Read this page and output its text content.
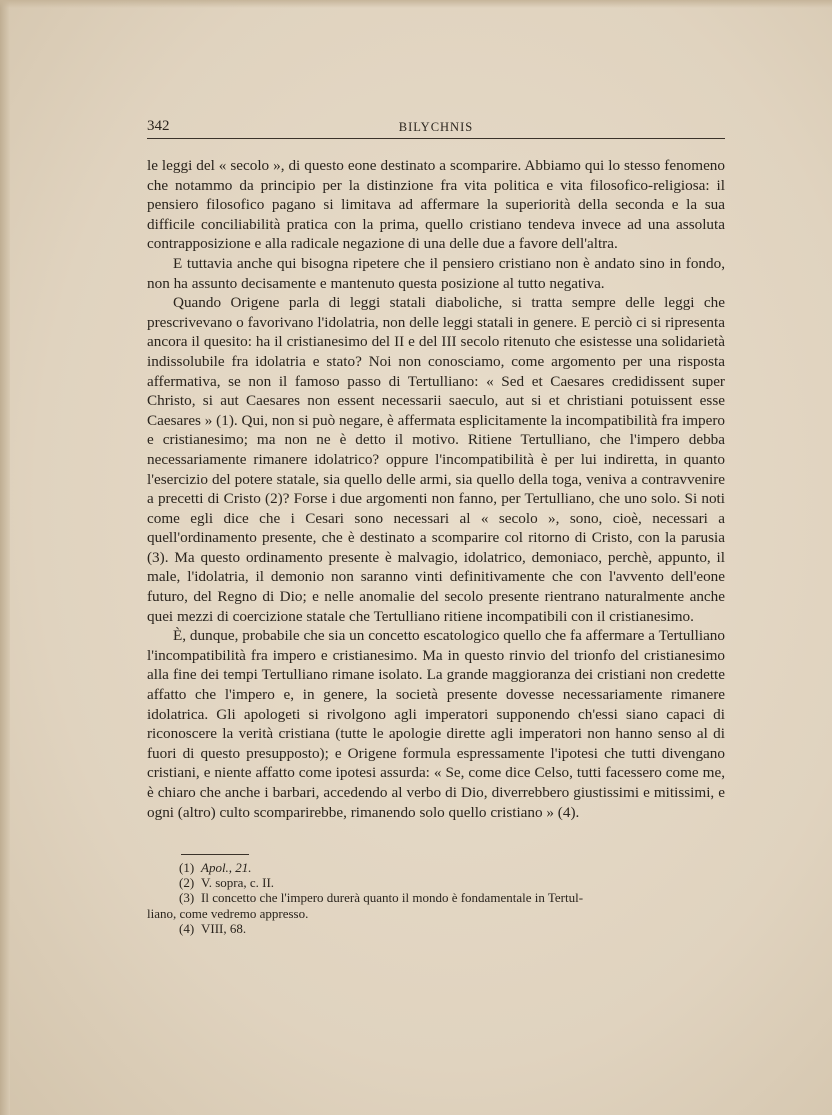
342	BILYCHNIS

le leggi del « secolo », di questo eone destinato a scomparire. Abbiamo qui lo stesso fenomeno che notammo da principio per la distinzione fra vita politica e vita filosofico-religiosa: il pensiero filosofico pagano si limitava ad affermare la superiorità della seconda e la sua difficile conciliabilità pratica con la prima, quello cristiano tendeva invece ad una assoluta contrapposizione e alla radicale negazione di una delle due a favore dell'altra.

E tuttavia anche qui bisogna ripetere che il pensiero cristiano non è andato sino in fondo, non ha assunto decisamente e mantenuto questa posizione al tutto negativa.

Quando Origene parla di leggi statali diaboliche, si tratta sempre delle leggi che prescrivevano o favorivano l'idolatria, non delle leggi statali in genere. E perciò ci si ripresenta ancora il quesito: ha il cristianesimo del II e del III secolo ritenuto che esistesse una solidarietà indissolubile fra idolatria e stato? Noi non conosciamo, come argomento per una risposta affermativa, se non il famoso passo di Tertulliano: « Sed et Caesares credidissent super Christo, si aut Caesares non essent necessarii saeculo, aut si et christiani potuissent esse Caesares » (1). Qui, non si può negare, è affermata esplicitamente la incompatibilità fra impero e cristianesimo; ma non ne è detto il motivo. Ritiene Tertulliano, che l'impero debba necessariamente rimanere idolatrico? oppure l'incompatibilità è per lui indiretta, in quanto l'esercizio del potere statale, sia quello delle armi, sia quello della toga, veniva a contravvenire a precetti di Cristo (2)? Forse i due argomenti non fanno, per Tertulliano, che uno solo. Si noti come egli dice che i Cesari sono necessari al « secolo », sono, cioè, necessari a quell'ordinamento presente, che è destinato a scomparire col ritorno di Cristo, con la parusia (3). Ma questo ordinamento presente è malvagio, idolatrico, demoniaco, perchè, appunto, il male, l'idolatria, il demonio non saranno vinti definitivamente che con l'avvento dell'eone futuro, del Regno di Dio; e nelle anomalie del secolo presente rientrano naturalmente anche quei mezzi di coercizione statale che Tertulliano ritiene incompatibili con il cristianesimo.

È, dunque, probabile che sia un concetto escatologico quello che fa affermare a Tertulliano l'incompatibilità fra impero e cristianesimo. Ma in questo rinvio del trionfo del cristianesimo alla fine dei tempi Tertulliano rimane isolato. La grande maggioranza dei cristiani non credette affatto che l'impero e, in genere, la società presente dovesse necessariamente rimanere idolatrica. Gli apologeti si rivolgono agli imperatori supponendo ch'essi siano capaci di riconoscere la verità cristiana (tutte le apologie dirette agli imperatori non hanno senso al di fuori di questo presupposto); e Origene formula espressamente l'ipotesi che tutti divengano cristiani, e niente affatto come ipotesi assurda: « Se, come dice Celso, tutti facessero come me, è chiaro che anche i barbari, accedendo al verbo di Dio, diverrebbero giustissimi e mitissimi, e ogni (altro) culto scomparirebbe, rimanendo solo quello cristiano » (4).

(1) Apol., 21.

(2) V. sopra, c. II.

(3) Il concetto che l'impero durerà quanto il mondo è fondamentale in Tertul-

liano, come vedremo appresso.

(4) VIII, 68.
